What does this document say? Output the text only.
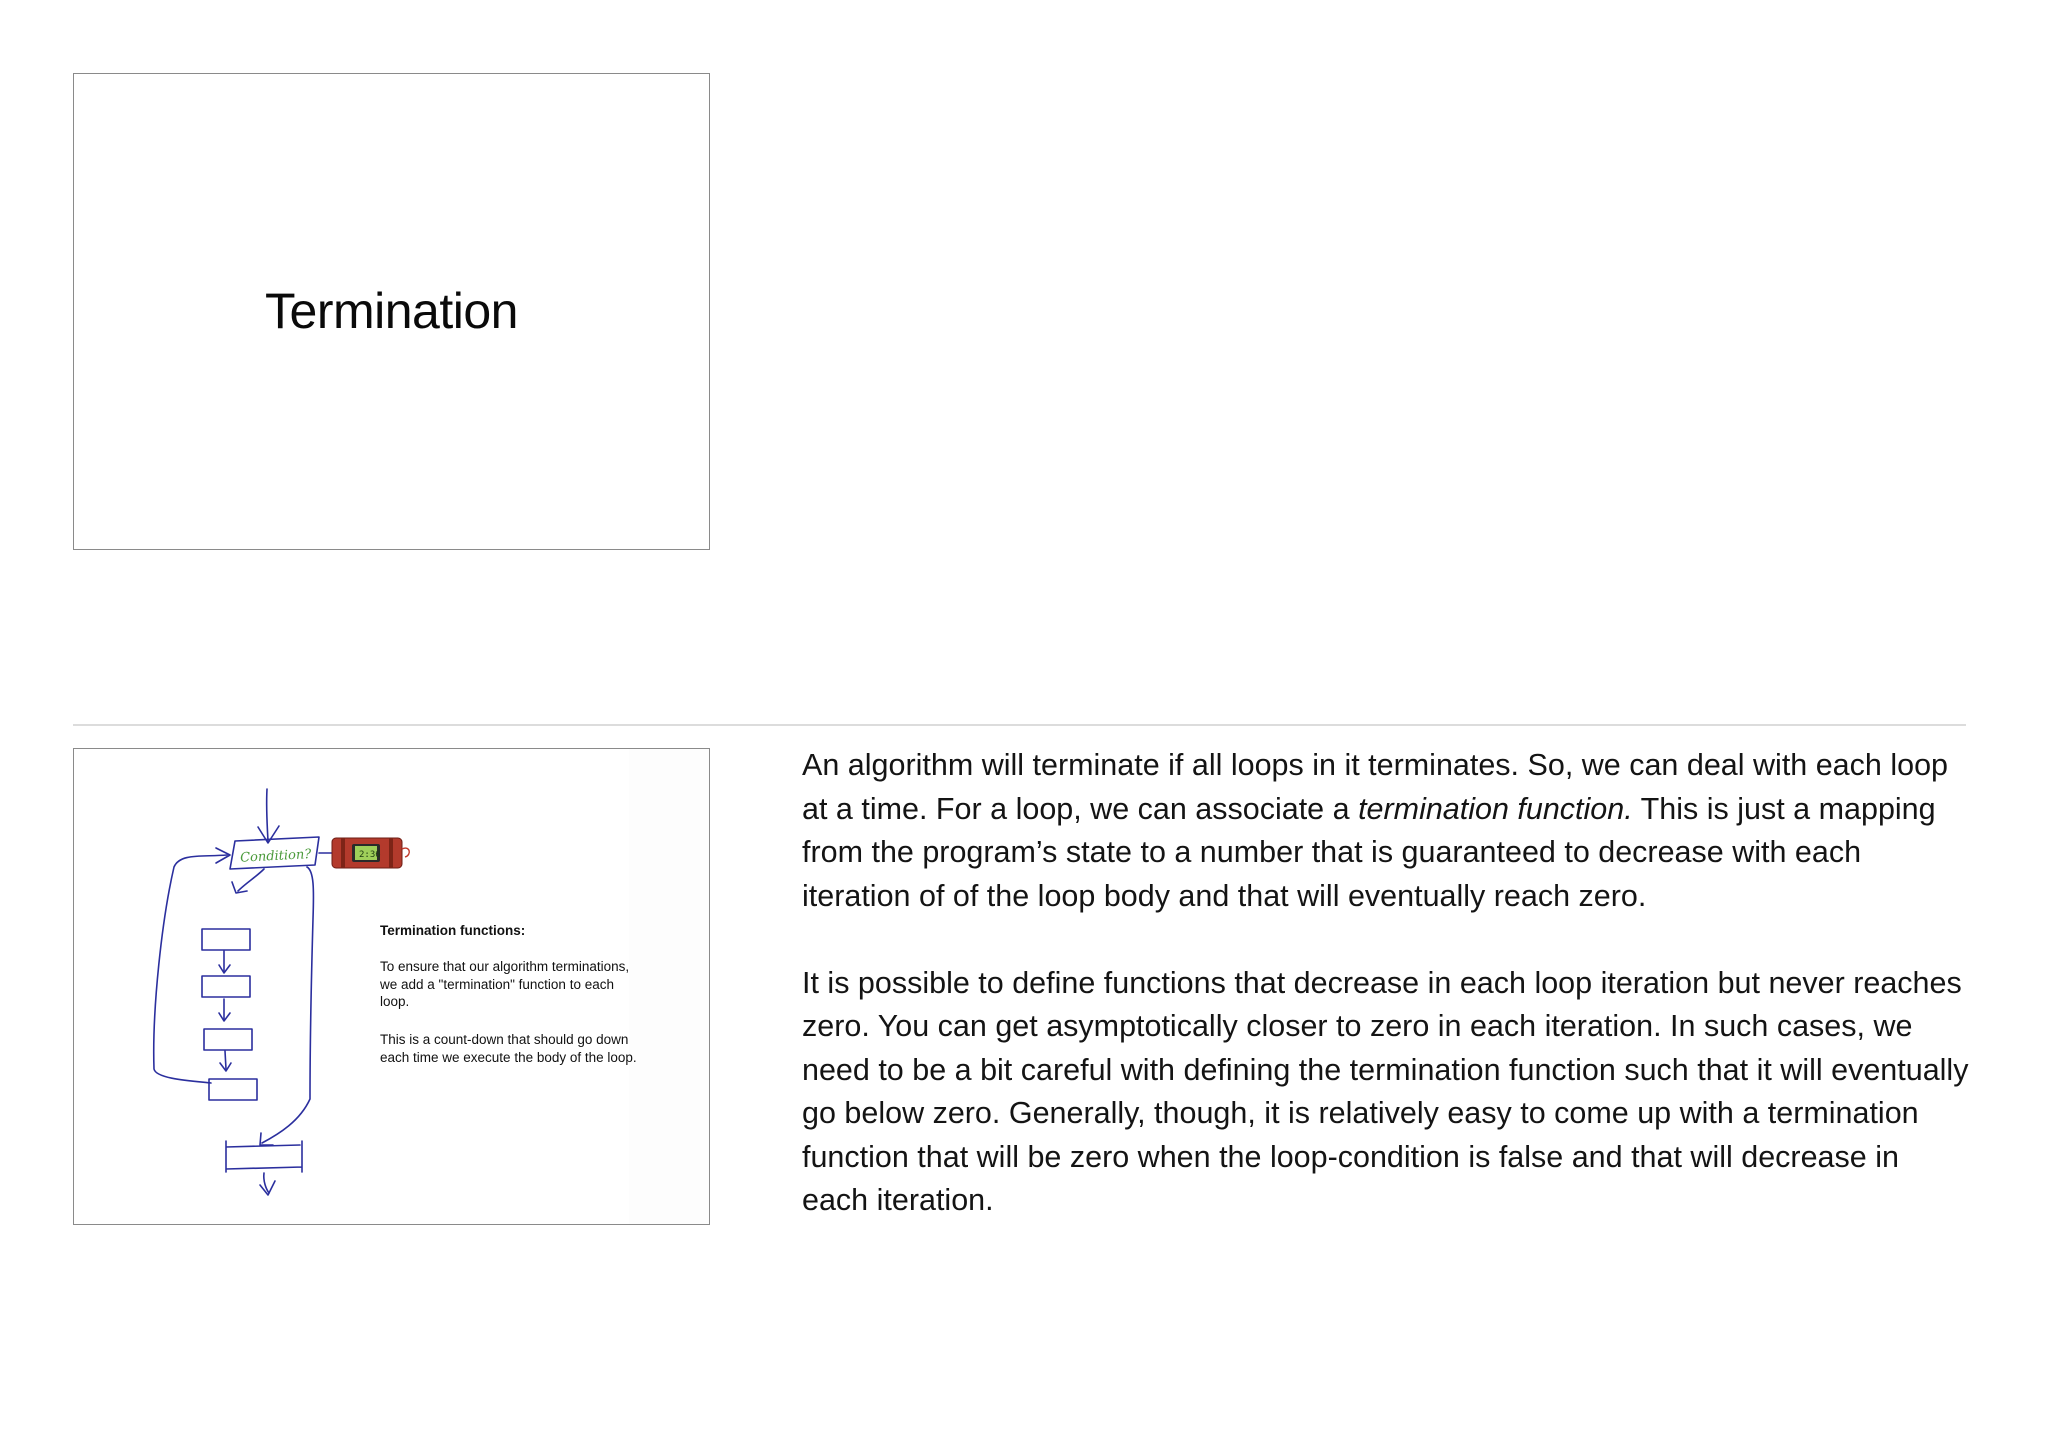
Termination
Condition?	2:36
Termination functions:
To ensure that our algorithm terminations, we add a "termination" function to each loop.
This is a count-down that should go down each time we execute the body of the loop.

An algorithm will terminate if all loops in it terminates. So, we can deal with each loop at a time. For a loop, we can associate a termination function. This is just a mapping from the program’s state to a number that is guaranteed to decrease with each iteration of of the loop body and that will eventually reach zero.

It is possible to define functions that decrease in each loop iteration but never reaches zero. You can get asymptotically closer to zero in each iteration. In such cases, we need to be a bit careful with defining the termination function such that it will eventually go below zero. Generally, though, it is relatively easy to come up with a termination function that will be zero when the loop-condition is false and that will decrease in each iteration.
